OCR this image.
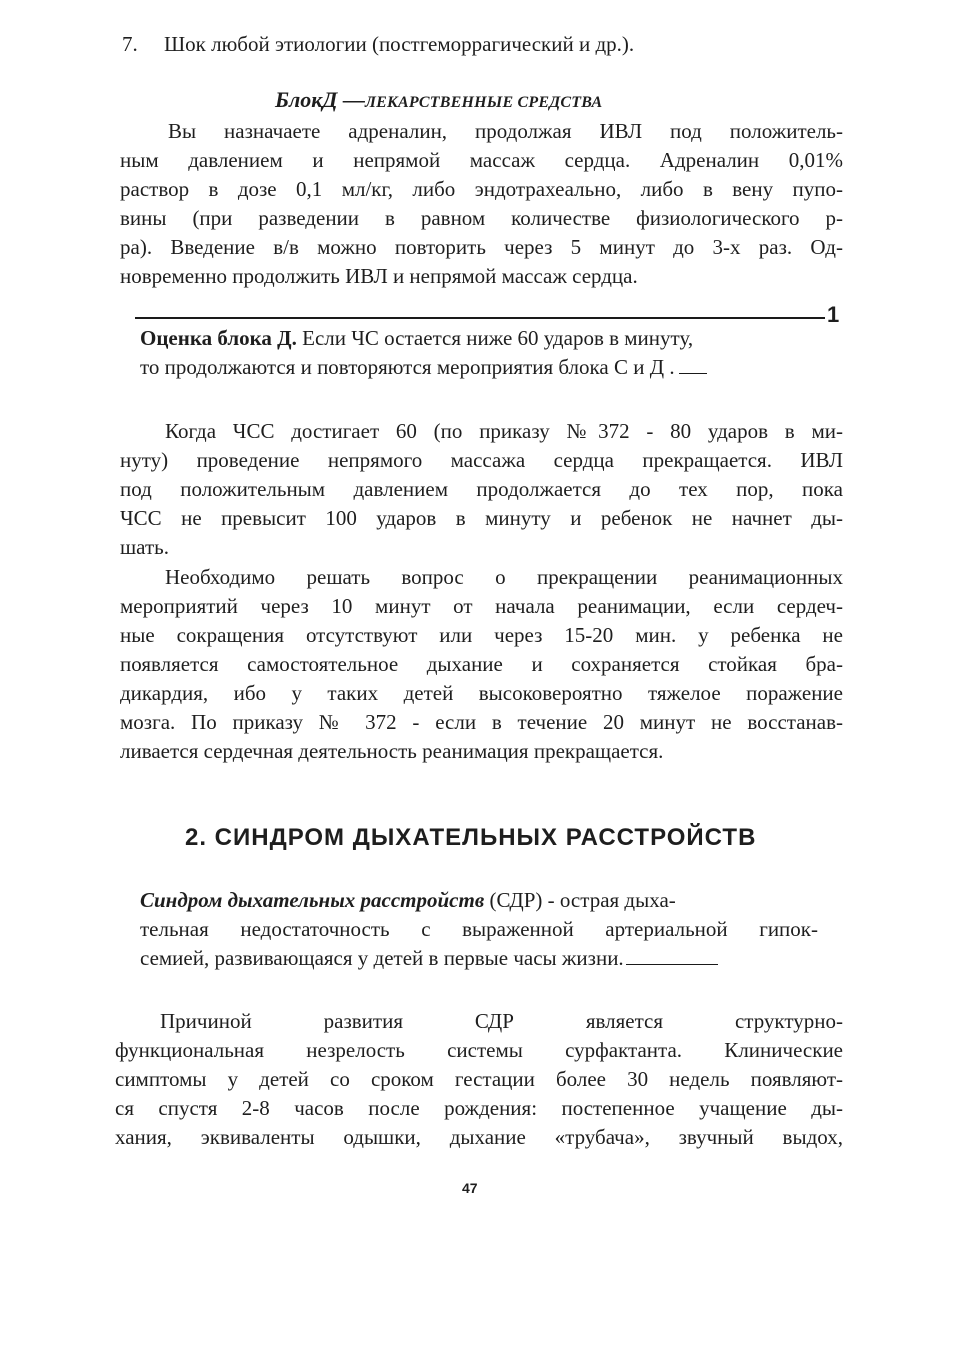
7. Шок любой этиологии (постгеморрагический и др.).
БлокД —ЛЕКАРСТВЕННЫЕ СРЕДСТВА
Вы назначаете адреналин, продолжая ИВЛ под положитель-
ным давлением и непрямой массаж сердца. Адреналин 0,01%
раствор в дозе 0,1 мл/кг, либо эндотрахеально, либо в вену пупо-
вины (при разведении в равном количестве физиологического р-
ра). Введение в/в можно повторить через 5 минут до 3-х раз. Од-
новременно продолжить ИВЛ и непрямой массаж сердца.
1
Оценка блока Д. Если ЧС остается ниже 60 ударов в минуту,
то продолжаются и повторяются мероприятия блока С и Д .
Когда ЧСС достигает 60 (по приказу №372 - 80 ударов в ми-
нуту) проведение непрямого массажа сердца прекращается. ИВЛ
под положительным давлением продолжается до тех пор, пока
ЧСС не превысит 100 ударов в минуту и ребенок не начнет ды-
шать.
Необходимо решать вопрос о прекращении реанимационных
мероприятий через 10 минут от начала реанимации, если сердеч-
ные сокращения отсутствуют или через 15-20 мин. у ребенка не
появляется самостоятельное дыхание и сохраняется стойкая бра-
дикардия, ибо у таких детей высоковероятно тяжелое поражение
мозга. По приказу № 372 - если в течение 20 минут не восстанав-
ливается сердечная деятельность реанимация прекращается.
2. СИНДРОМ ДЫХАТЕЛЬНЫХ РАССТРОЙСТВ
Синдром дыхательных расстройств (СДР) - острая дыха-
тельная недостаточность с выраженной артериальной гипок-
семией, развивающаяся у детей в первые часы жизни.
Причиной развития СДР является структурно-
функциональная незрелость системы сурфактанта. Клинические
симптомы у детей со сроком гестации более 30 недель появляют-
ся спустя 2-8 часов после рождения: постепенное учащение ды-
хания, эквиваленты одышки, дыхание «трубача», звучный выдох,
47
